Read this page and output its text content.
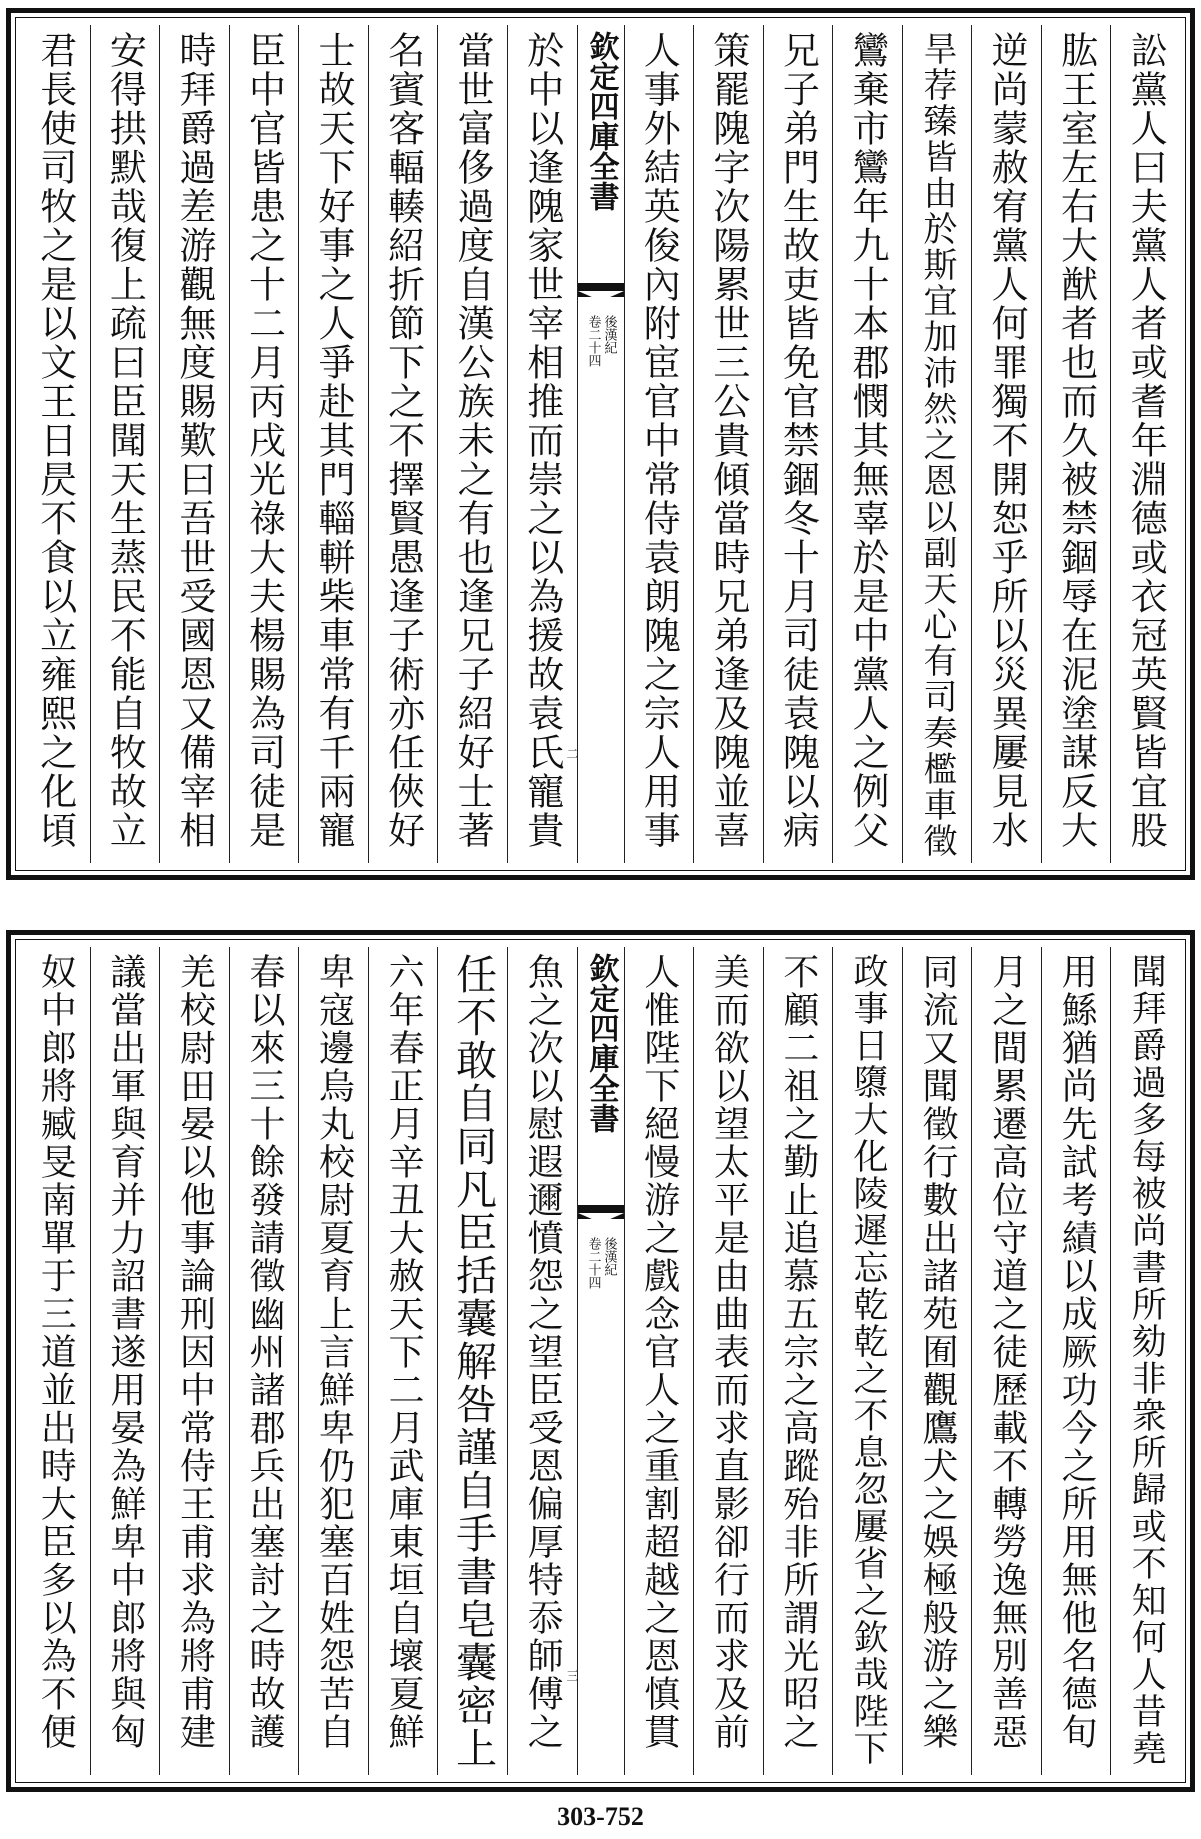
訟黨人曰夫黨人者或耆年淵德或衣冠英賢皆宜股
肱王室左右大猷者也而久被禁錮辱在泥塗謀反大
逆尚蒙赦宥黨人何罪獨不開恕乎所以災異屢見水
旱荐臻皆由於斯宜加沛然之恩以副天心有司奏檻車徵
鸞棄市鸞年九十本郡憫其無辜於是中黨人之例父
兄子弟門生故吏皆免官禁錮冬十月司徒袁隗以病
策罷隗字次陽累世三公貴傾當時兄弟逢及隗並喜
人事外結英俊內附宦官中常侍袁朗隗之宗人用事
欽定四庫全書
後漢紀
卷二十四
於中以逢隗家世宰相推而崇之以為援故袁氏寵貴 二
當世富侈過度自漢公族未之有也逢兄子紹好士著
名賓客輻輳紹折節下之不擇賢愚逢子術亦任俠好
士故天下好事之人爭赴其門輜軿柴車常有千兩寵
臣中官皆患之十二月丙戌光祿大夫楊賜為司徒是
時拜爵過差游觀無度賜歎曰吾世受國恩又備宰相
安得拱默哉復上疏曰臣聞天生蒸民不能自牧故立
君長使司牧之是以文王日昃不食以立雍熙之化頃
聞拜爵過多每被尚書所劾非衆所歸或不知何人昔堯
用鯀猶尚先試考績以成厥功今之所用無他名德旬
月之間累遷高位守道之徒歷載不轉勞逸無別善惡
同流又聞徵行數出諸苑囿觀鷹犬之娛極般游之樂
政事日隳大化陵遲忘乾乾之不息忽屢省之欽哉陛下
不顧二祖之勤止追慕五宗之高蹤殆非所謂光昭之
美而欲以望太平是由曲表而求直影卻行而求及前
人惟陛下絕慢游之戲念官人之重割超越之恩慎貫
欽定四庫全書
後漢紀
卷二十四
魚之次以慰遐邇憤怨之望臣受恩偏厚特忝師傅之 三
任不敢自同凡臣括囊解咎謹自手書皂囊密上
六年春正月辛丑大赦天下二月武庫東垣自壞夏鮮
卑寇邊烏丸校尉夏育上言鮮卑仍犯塞百姓怨苦自
春以來三十餘發請徵幽州諸郡兵出塞討之時故護
羌校尉田晏以他事論刑因中常侍王甫求為將甫建
議當出軍與育并力詔書遂用晏為鮮卑中郎將與匈
奴中郎將臧旻南單于三道並出時大臣多以為不便
303-752
